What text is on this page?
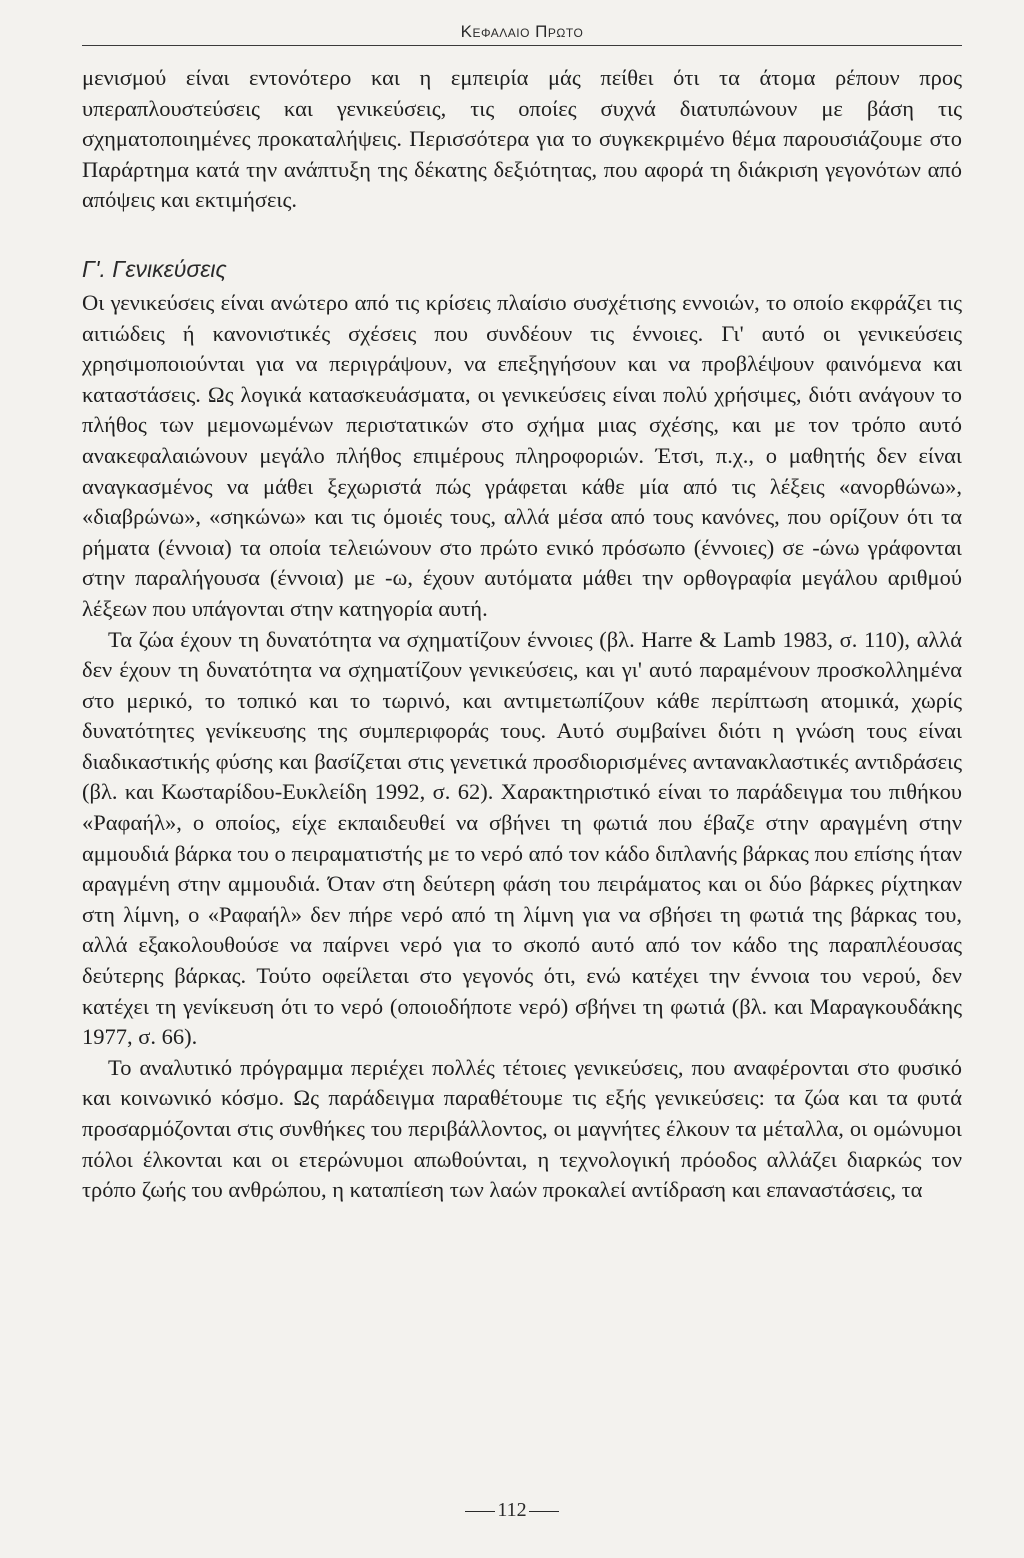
Κεφαλαιο Πρωτο

μενισμού είναι εντονότερο και η εμπειρία μάς πείθει ότι τα άτομα ρέπουν προς υπεραπλουστεύσεις και γενικεύσεις, τις οποίες συχνά διατυπώνουν με βάση τις σχηματοποιημένες προκαταλήψεις. Περισσότερα για το συγκεκριμένο θέμα παρουσιάζουμε στο Παράρτημα κατά την ανάπτυξη της δέκατης δεξιότητας, που αφορά τη διάκριση γεγονότων από απόψεις και εκτιμήσεις.

Γ'. Γενικεύσεις

Οι γενικεύσεις είναι ανώτερο από τις κρίσεις πλαίσιο συσχέτισης εννοιών, το οποίο εκφράζει τις αιτιώδεις ή κανονιστικές σχέσεις που συνδέουν τις έννοιες. Γι' αυτό οι γενικεύσεις χρησιμοποιούνται για να περιγράψουν, να επεξηγήσουν και να προβλέψουν φαινόμενα και καταστάσεις. Ως λογικά κατασκευάσματα, οι γενικεύσεις είναι πολύ χρήσιμες, διότι ανάγουν το πλήθος των μεμονωμένων περιστατικών στο σχήμα μιας σχέσης, και με τον τρόπο αυτό ανακεφαλαιώνουν μεγάλο πλήθος επιμέρους πληροφοριών. Έτσι, π.χ., ο μαθητής δεν είναι αναγκασμένος να μάθει ξεχωριστά πώς γράφεται κάθε μία από τις λέξεις «ανορθώνω», «διαβρώνω», «σηκώνω» και τις όμοιές τους, αλλά μέσα από τους κανόνες, που ορίζουν ότι τα ρήματα (έννοια) τα οποία τελειώνουν στο πρώτο ενικό πρόσωπο (έννοιες) σε -ώνω γράφονται στην παραλήγουσα (έννοια) με -ω, έχουν αυτόματα μάθει την ορθογραφία μεγάλου αριθμού λέξεων που υπάγονται στην κατηγορία αυτή.

Τα ζώα έχουν τη δυνατότητα να σχηματίζουν έννοιες (βλ. Harre & Lamb 1983, σ. 110), αλλά δεν έχουν τη δυνατότητα να σχηματίζουν γενικεύσεις, και γι' αυτό παραμένουν προσκολλημένα στο μερικό, το τοπικό και το τωρινό, και αντιμετωπίζουν κάθε περίπτωση ατομικά, χωρίς δυνατότητες γενίκευσης της συμπεριφοράς τους. Αυτό συμβαίνει διότι η γνώση τους είναι διαδικαστικής φύσης και βασίζεται στις γενετικά προσδιορισμένες αντανακλαστικές αντιδράσεις (βλ. και Κωσταρίδου-Ευκλείδη 1992, σ. 62). Χαρακτηριστικό είναι το παράδειγμα του πιθήκου «Ραφαήλ», ο οποίος, είχε εκπαιδευθεί να σβήνει τη φωτιά που έβαζε στην αραγμένη στην αμμουδιά βάρκα του ο πειραματιστής με το νερό από τον κάδο διπλανής βάρκας που επίσης ήταν αραγμένη στην αμμουδιά. Όταν στη δεύτερη φάση του πειράματος και οι δύο βάρκες ρίχτηκαν στη λίμνη, ο «Ραφαήλ» δεν πήρε νερό από τη λίμνη για να σβήσει τη φωτιά της βάρκας του, αλλά εξακολουθούσε να παίρνει νερό για το σκοπό αυτό από τον κάδο της παραπλέουσας δεύτερης βάρκας. Τούτο οφείλεται στο γεγονός ότι, ενώ κατέχει την έννοια του νερού, δεν κατέχει τη γενίκευση ότι το νερό (οποιοδήποτε νερό) σβήνει τη φωτιά (βλ. και Μαραγκουδάκης 1977, σ. 66).

Το αναλυτικό πρόγραμμα περιέχει πολλές τέτοιες γενικεύσεις, που αναφέρονται στο φυσικό και κοινωνικό κόσμο. Ως παράδειγμα παραθέτουμε τις εξής γενικεύσεις: τα ζώα και τα φυτά προσαρμόζονται στις συνθήκες του περιβάλλοντος, οι μαγνήτες έλκουν τα μέταλλα, οι ομώνυμοι πόλοι έλκονται και οι ετερώνυμοι απωθούνται, η τεχνολογική πρόοδος αλλάζει διαρκώς τον τρόπο ζωής του ανθρώπου, η καταπίεση των λαών προκαλεί αντίδραση και επαναστάσεις, τα

112
